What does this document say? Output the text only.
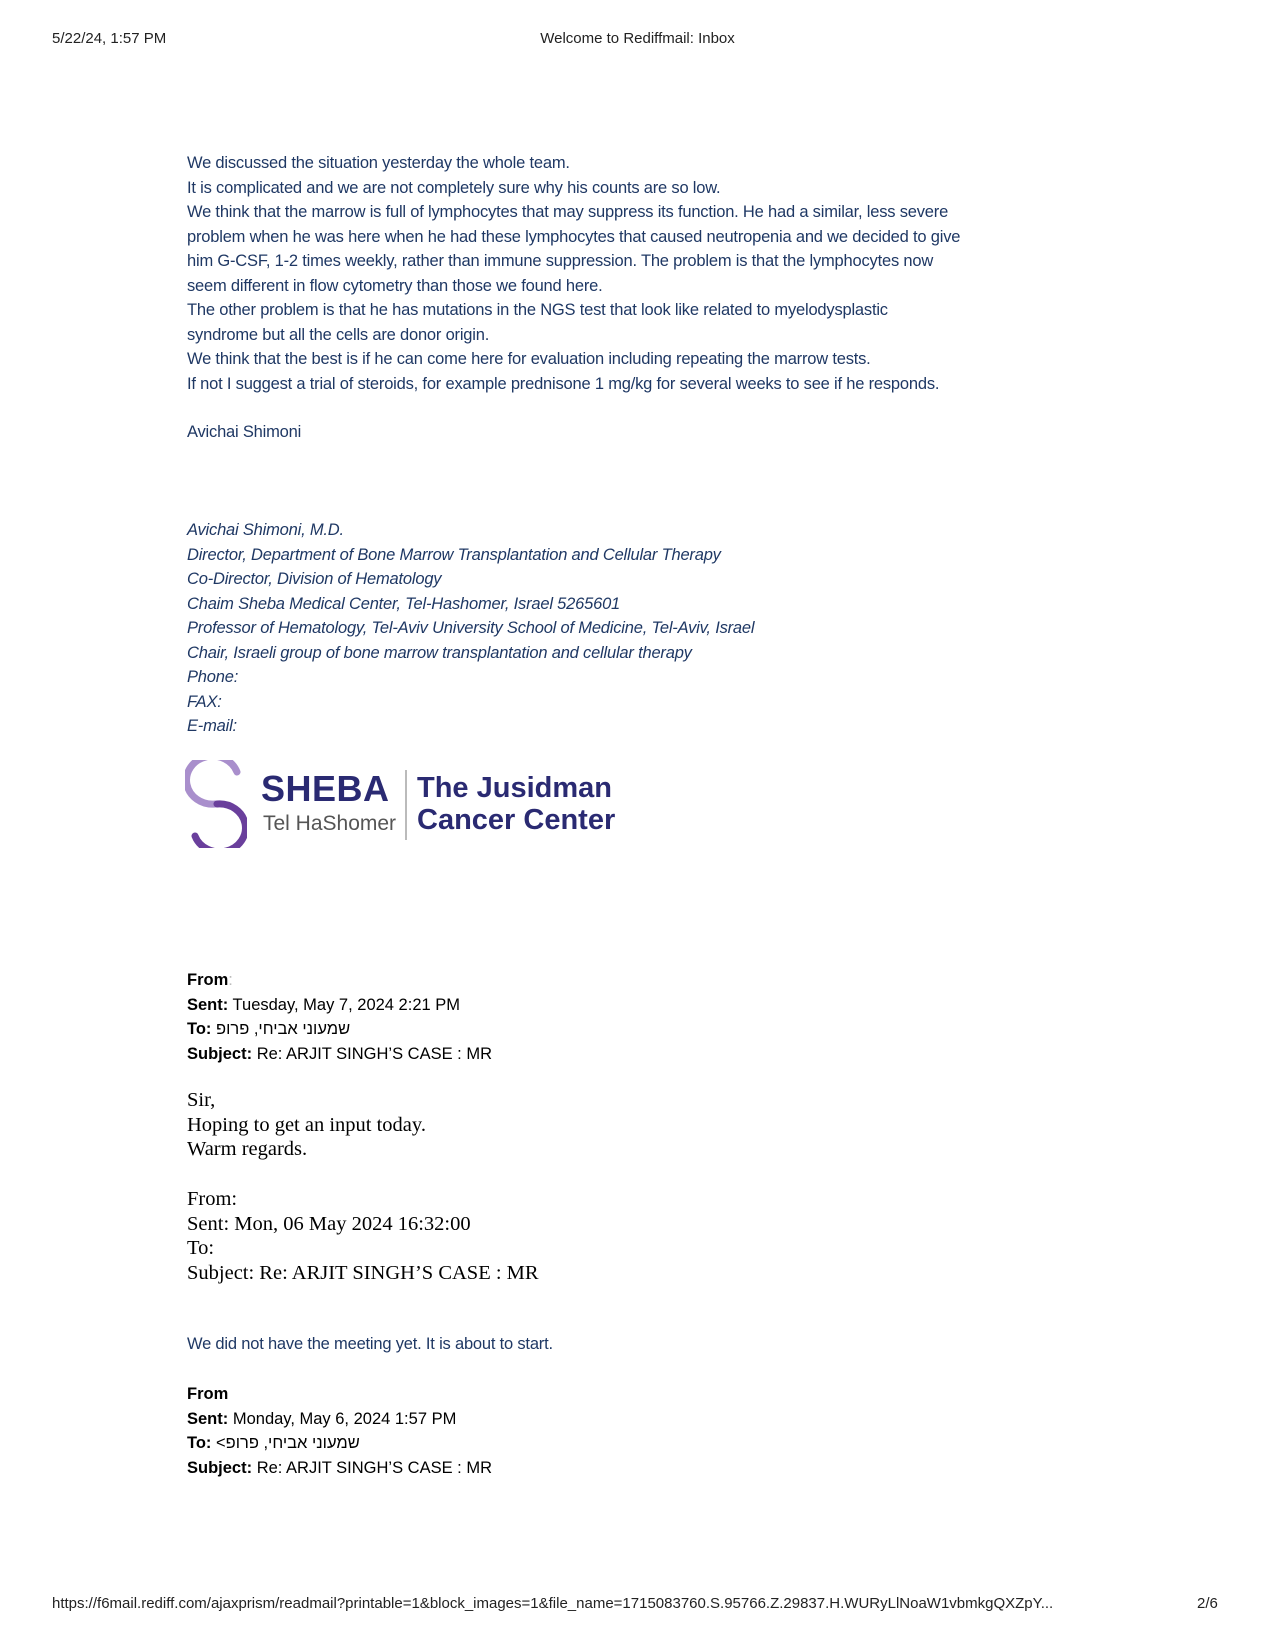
5/22/24, 1:57 PM	Welcome to Rediffmail: Inbox
We discussed the situation yesterday the whole team.
It is complicated and we are not completely sure why his counts are so low.
We think that the marrow is full of lymphocytes that may suppress its function. He had a similar, less severe
problem when he was here when he had these lymphocytes that caused neutropenia and we decided to give
him G-CSF, 1-2 times weekly, rather than immune suppression. The problem is that the lymphocytes now
seem different in flow cytometry than those we found here.
The other problem is that he has mutations in the NGS test that look like related to myelodysplastic
syndrome but all the cells are donor origin.
We think that the best is if he can come here for evaluation including repeating the marrow tests.
If not I suggest a trial of steroids, for example prednisone 1 mg/kg for several weeks to see if he responds.
Avichai Shimoni
Avichai Shimoni, M.D.
Director, Department of Bone Marrow Transplantation and Cellular Therapy
Co-Director, Division of Hematology
Chaim Sheba Medical Center, Tel-Hashomer, Israel 5265601
Professor of Hematology, Tel-Aviv University School of Medicine, Tel-Aviv, Israel
Chair, Israeli group of bone marrow transplantation and cellular therapy
Phone:
FAX:
E-mail:
SHEBA
Tel HaShomer
The Jusidman
Cancer Center
From:
Sent: Tuesday, May 7, 2024 2:21 PM
To: שמעוני אביחי, פרופ
Subject: Re: ARJIT SINGH’S CASE : MR
Sir,
Hoping to get an input today.
Warm regards.
From:
Sent: Mon, 06 May 2024 16:32:00
To:
Subject: Re: ARJIT SINGH’S CASE : MR
We did not have the meeting yet. It is about to start.
From
Sent: Monday, May 6, 2024 1:57 PM
To: שמעוני אביחי, פרופ>
Subject: Re: ARJIT SINGH’S CASE : MR
https://f6mail.rediff.com/ajaxprism/readmail?printable=1&block_images=1&file_name=1715083760.S.95766.Z.29837.H.WURyLlNoaW1vbmkgQXZpY...	2/6
